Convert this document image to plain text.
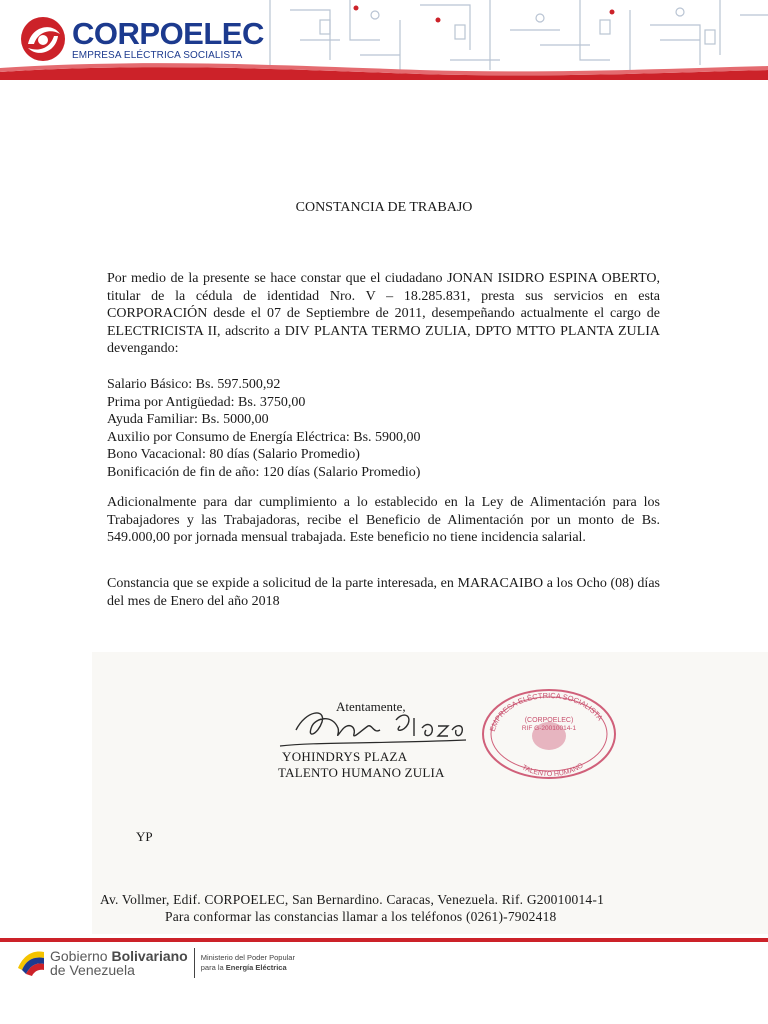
CORPOELEC
EMPRESA ELÉCTRICA SOCIALISTA
CONSTANCIA DE TRABAJO
Por medio de la presente se hace constar que el ciudadano JONAN ISIDRO ESPINA OBERTO, titular de la cédula de identidad Nro. V – 18.285.831, presta sus servicios en esta CORPORACIÓN desde el 07 de Septiembre de 2011, desempeñando actualmente el cargo de ELECTRICISTA II, adscrito a DIV PLANTA TERMO ZULIA, DPTO MTTO PLANTA ZULIA devengando:
Salario Básico: Bs. 597.500,92
Prima por Antigüedad: Bs. 3750,00
Ayuda Familiar: Bs. 5000,00
Auxilio por Consumo de Energía Eléctrica: Bs. 5900,00
Bono Vacacional: 80 días (Salario Promedio)
Bonificación de fin de año: 120 días (Salario Promedio)
Adicionalmente para dar cumplimiento a lo establecido en la Ley de Alimentación para los Trabajadores y las Trabajadoras, recibe el Beneficio de Alimentación por un monto de Bs. 549.000,00 por jornada mensual trabajada. Este beneficio no tiene incidencia salarial.
Constancia que se expide a solicitud de la parte interesada, en MARACAIBO a los Ocho (08) días del mes de Enero del año 2018
Atentamente,
YOHINDRYS PLAZA
TALENTO HUMANO ZULIA
EMPRESA ELÉCTRICA SOCIALISTA
(CORPOELEC)
RIF G-20010014-1
TALENTO HUMANO
YP
Av. Vollmer, Edif. CORPOELEC, San Bernardino. Caracas, Venezuela. Rif. G20010014-1
Para conformar las constancias llamar a los teléfonos (0261)-7902418
Gobierno Bolivariano
de Venezuela
Ministerio del Poder Popular
para la Energía Eléctrica
